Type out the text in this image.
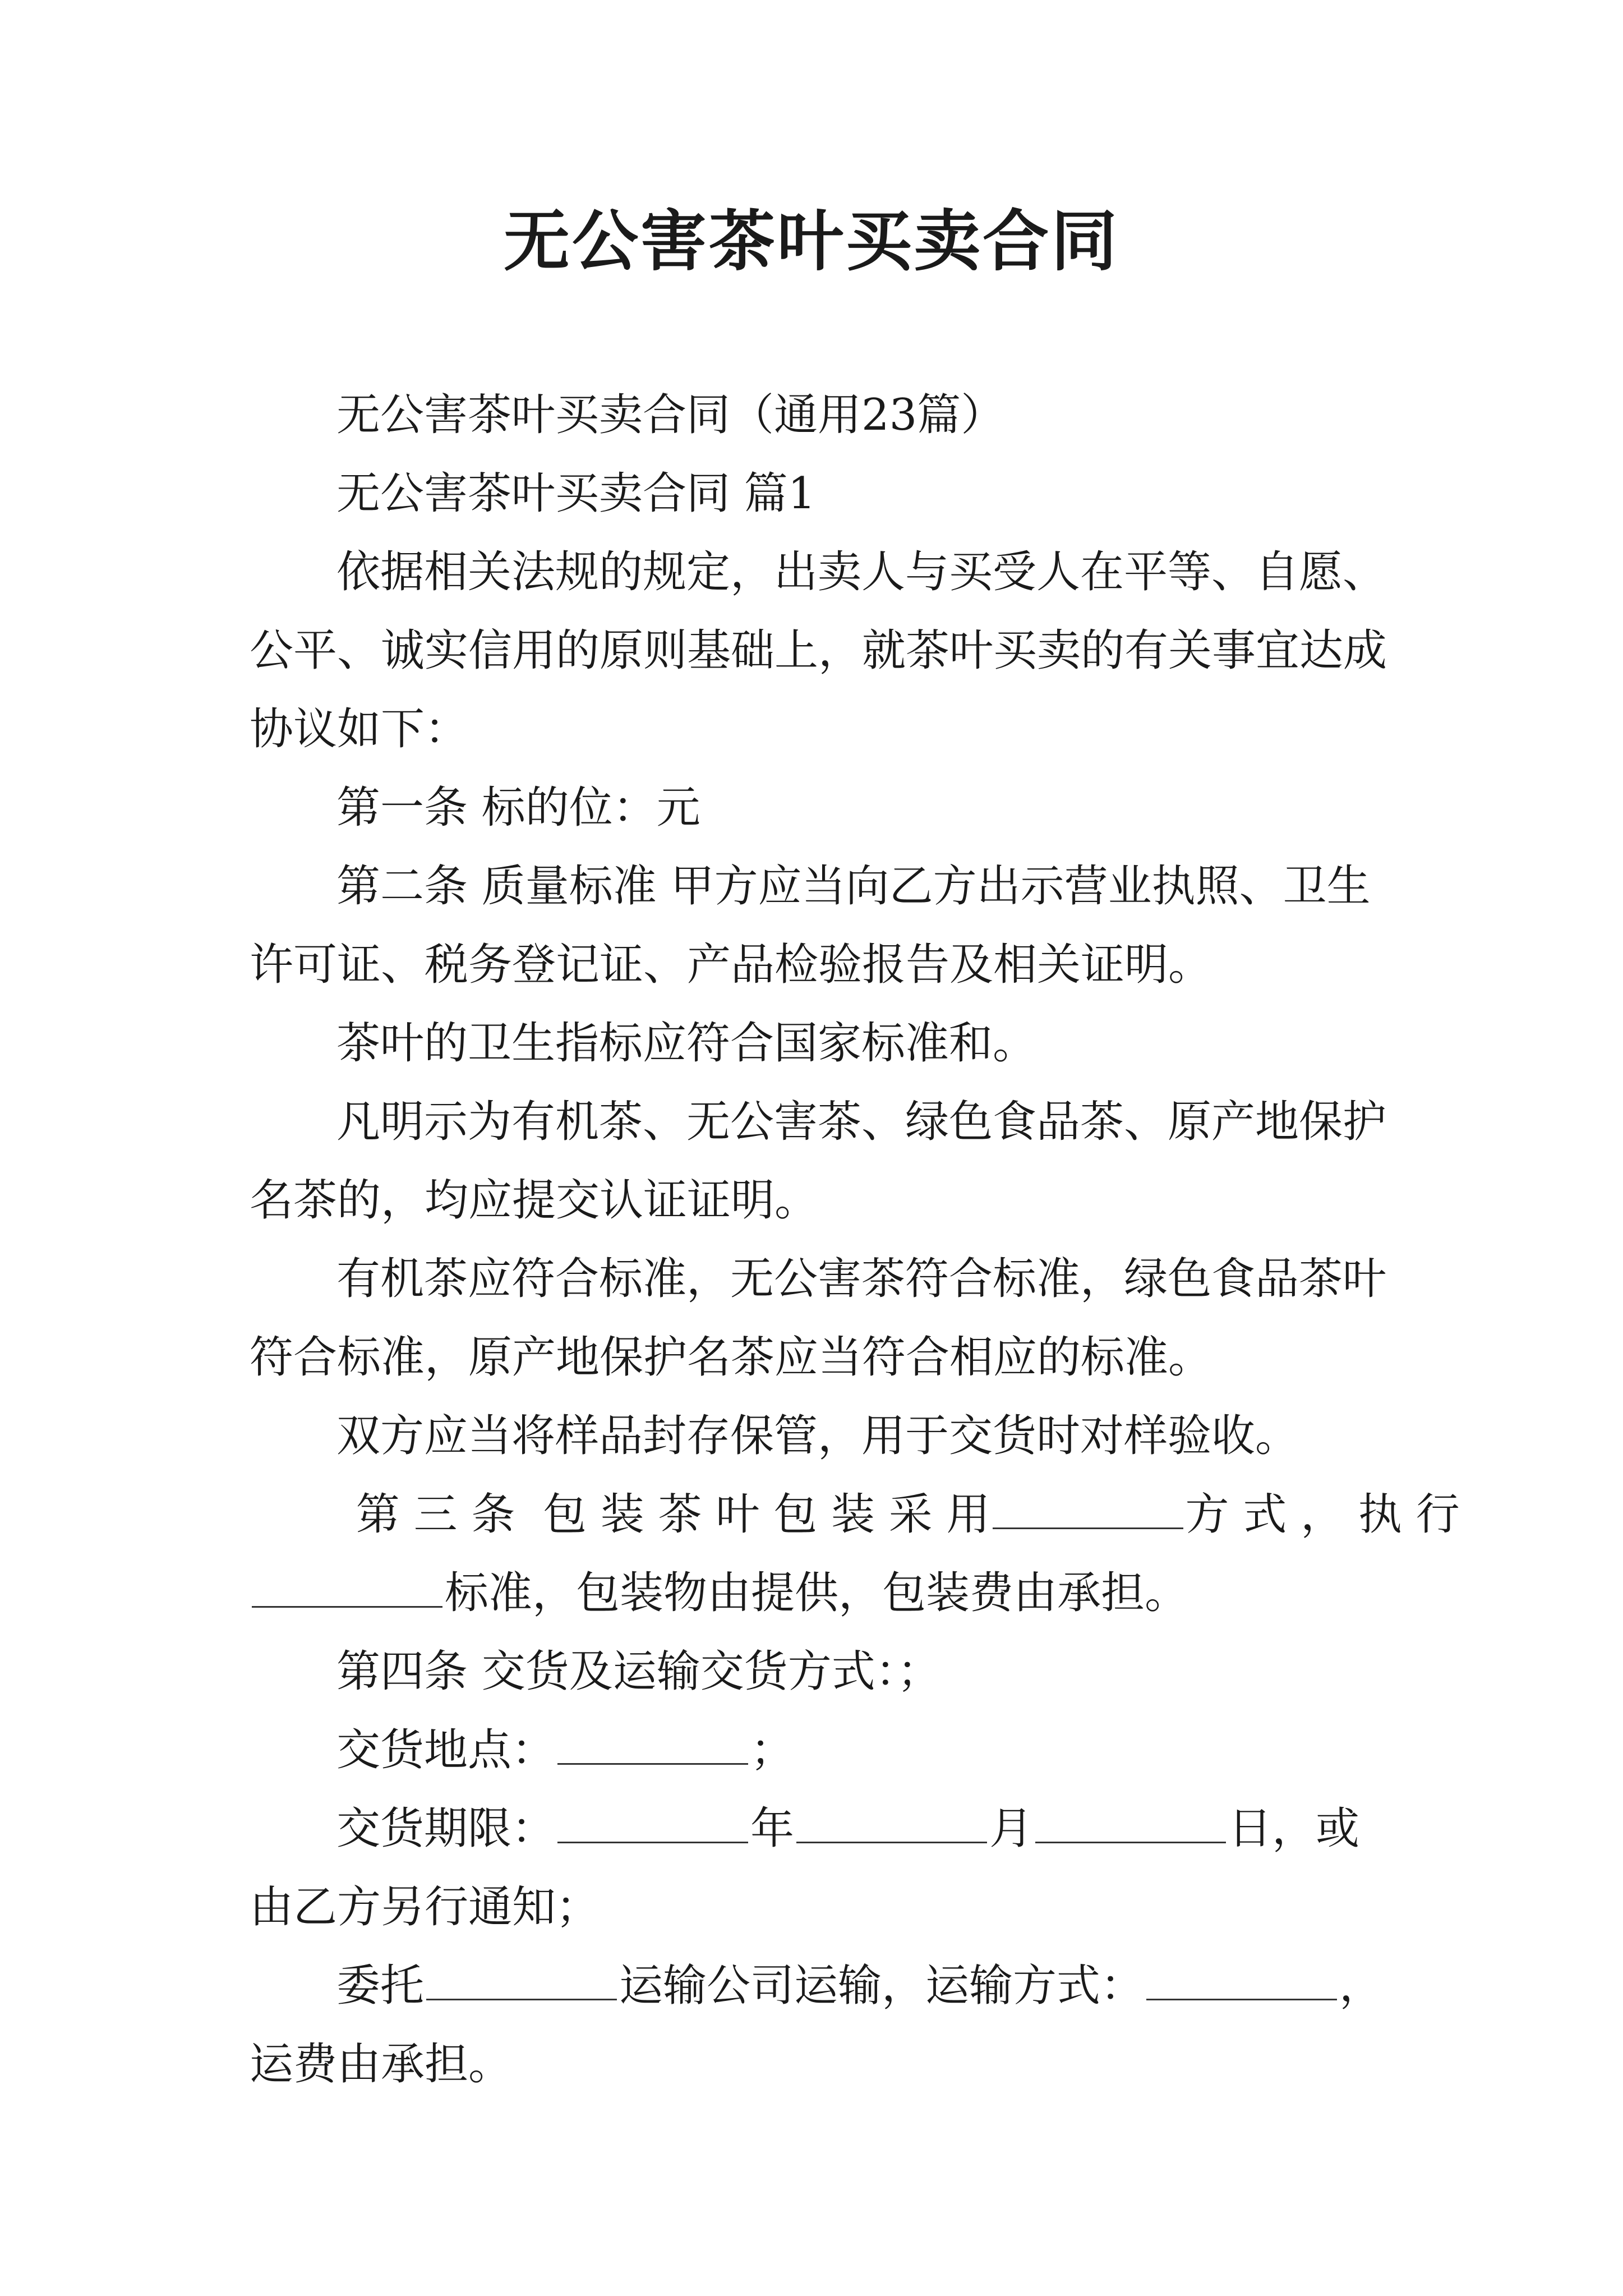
无公害茶叶买卖合同
无公害茶叶买卖合同（通用23篇）
无公害茶叶买卖合同 篇1
依据相关法规的规定，出卖人与买受人在平等、自愿、
公平、诚实信用的原则基础上，就茶叶买卖的有关事宜达成
协议如下：
第一条 标的位：元
第二条 质量标准 甲方应当向乙方出示营业执照、卫生
许可证、税务登记证、产品检验报告及相关证明。
茶叶的卫生指标应符合国家标准和。
凡明示为有机茶、无公害茶、绿色食品茶、原产地保护
名茶的，均应提交认证证明。
有机茶应符合标准，无公害茶符合标准，绿色食品茶叶
符合标准，原产地保护名茶应当符合相应的标准。
双方应当将样品封存保管，用于交货时对样验收。
第 三 条  包 装 茶 叶 包 装 采 用	方 式 ， 执 行
标准，包装物由提供，包装费由承担。
第四条 交货及运输交货方式：；
交货地点：	；
交货期限：	年	月	日，或
由乙方另行通知；
委托	运输公司运输，运输方式：	，
运费由承担。
